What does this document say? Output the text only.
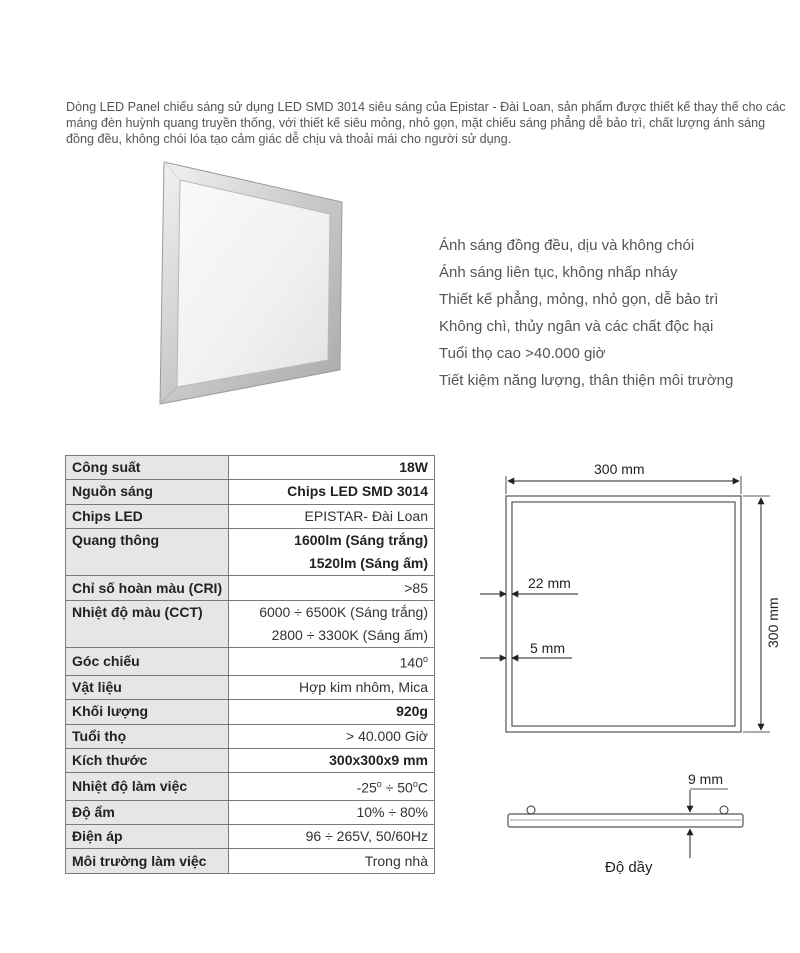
Dòng LED Panel chiếu sáng sử dụng LED SMD 3014 siêu sáng của Epistar - Đài Loan, sản phẩm được thiết kế thay thế cho các máng đèn huỳnh quang truyền thống, với thiết kế siêu mỏng, nhỏ gọn, mặt chiếu sáng phẳng dễ bảo trì, chất lượng ánh sáng đồng đều, không chói lóa tạo cảm giác dễ chịu và thoải mái cho người sử dụng.
Ánh sáng đồng đều, dịu và không chói
Ánh sáng liên tục, không nhấp nháy
Thiết kế phẳng, mỏng, nhỏ gọn, dễ bảo trì
Không chì, thủy ngân và các chất độc hại
Tuổi thọ cao >40.000 giờ
Tiết kiệm năng lượng, thân thiện môi trường
Công suất	18W
Nguồn sáng	Chips LED SMD 3014
Chips LED	EPISTAR- Đài Loan
Quang thông	1600lm (Sáng trắng)
	1520lm (Sáng ấm)
Chỉ số hoàn màu (CRI)	>85
Nhiệt độ màu (CCT)	6000 ÷ 6500K (Sáng trắng)
	2800 ÷ 3300K (Sáng ấm)
Góc chiếu	140$^o$
Vật liệu	Hợp kim nhôm, Mica
Khối lượng	920g
Tuổi thọ	> 40.000 Giờ
Kích thước	300x300x9 mm
Nhiệt độ làm việc	$-25^o \div 50^oC$
Độ ẩm	10% ÷ 80%
Điện áp	96 ÷ 265V, 50/60Hz
Môi trường làm việc	Trong nhà
300 mm
300 mm
22 mm
5 mm
9 mm
Độ dầy
